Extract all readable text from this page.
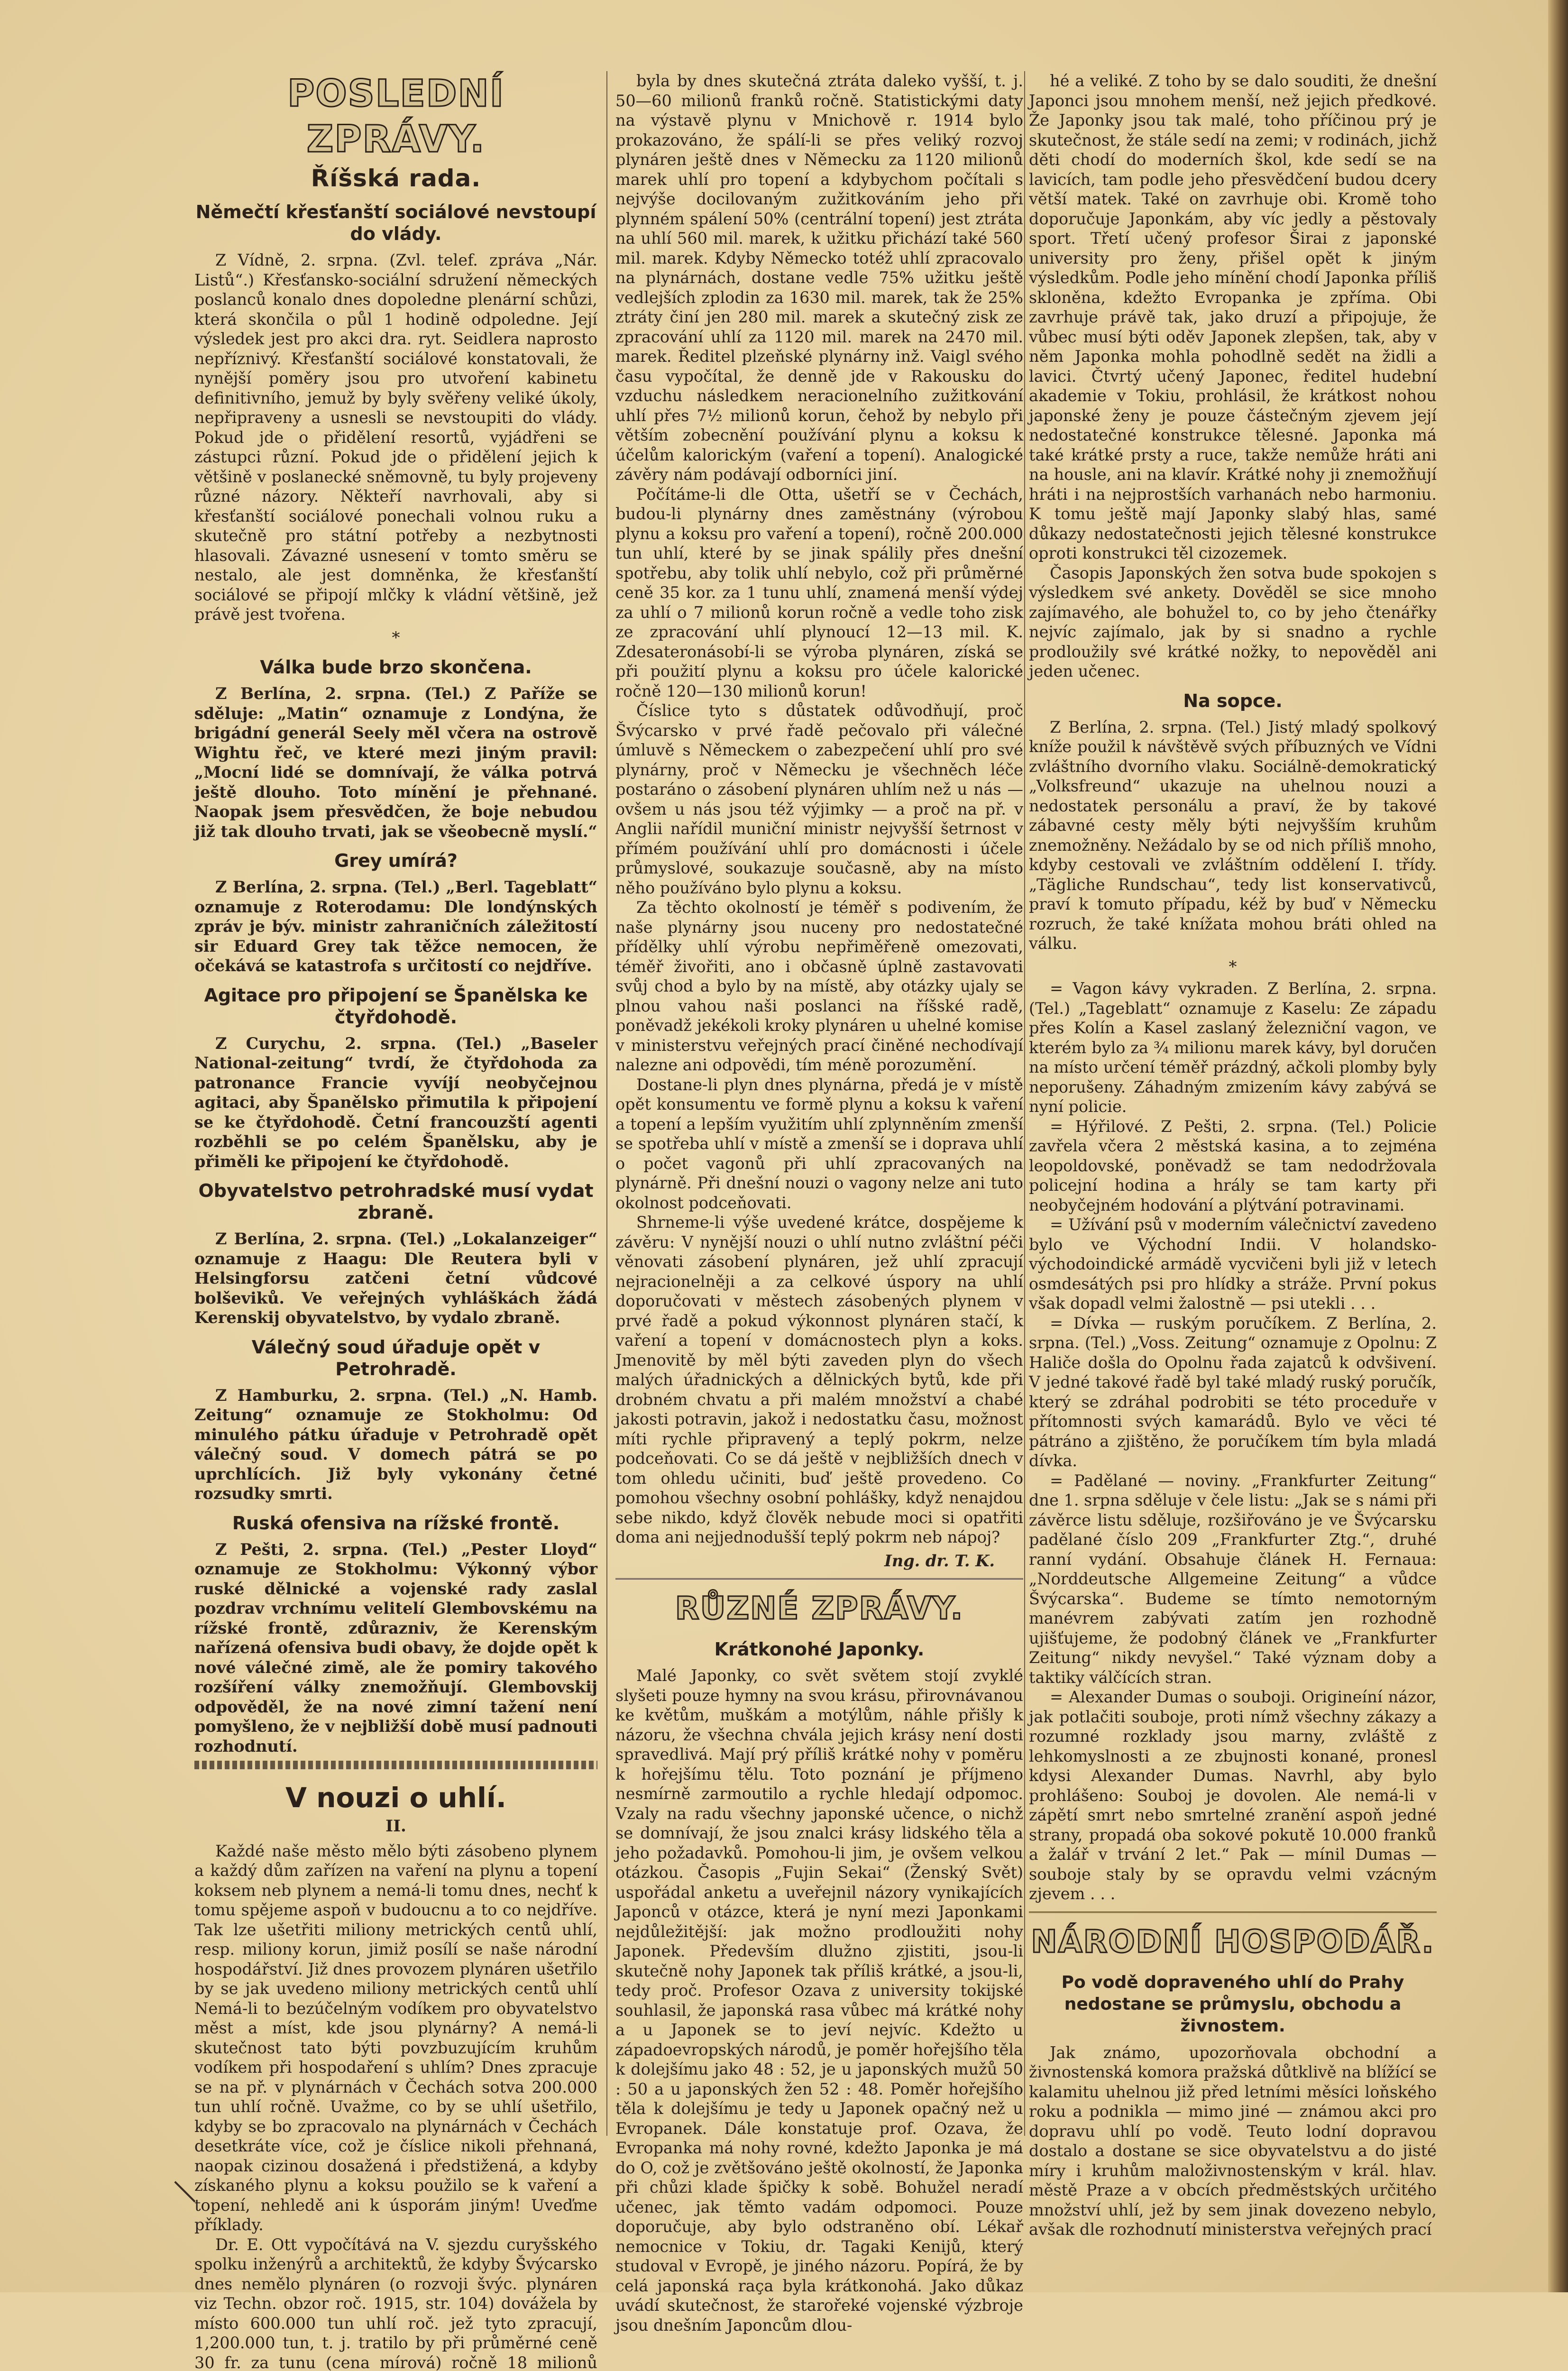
POSLEDNÍ ZPRÁVY.
Říšská rada.
Němečtí křesťanští sociálové nevstoupí do vlády.

Z Vídně, 2. srpna. (Zvl. telef. zpráva „Nár. Listů“.) Křesťansko-sociální sdružení německých poslanců konalo dnes dopoledne plenární schůzi, která skončila o půl 1 hodině odpoledne. Její výsledek jest pro akci dra. ryt. Seidlera naprosto nepříznivý. Křesťanští sociálové konstatovali, že nynější poměry jsou pro utvoření kabinetu definitivního, jemuž by byly svěřeny veliké úkoly, nepřipraveny a usnesli se nevstoupiti do vlády. Pokud jde o přidělení resortů, vyjádřeni se zástupci různí. Pokud jde o přidělení jejich k většině v poslanecké sněmovně, tu byly projeveny různé názory. Někteří navrhovali, aby si křesťanští sociálové ponechali volnou ruku a skutečně pro státní potřeby a nezbytnosti hlasovali. Závazné usnesení v tomto směru se nestalo, ale jest domněnka, že křesťanští sociálové se připojí mlčky k vládní většině, jež právě jest tvořena.

*
Válka bude brzo skončena.

Z Berlína, 2. srpna. (Tel.) Z Paříže se sděluje: „Matin“ oznamuje z Londýna, že brigádní generál Seely měl včera na ostrově Wightu řeč, ve které mezi jiným pravil: „Mocní lidé se domnívají, že válka potrvá ještě dlouho. Toto mínění je přehnané. Naopak jsem přesvědčen, že boje nebudou již tak dlouho trvati, jak se všeobecně myslí.“

Grey umírá?

Z Berlína, 2. srpna. (Tel.) „Berl. Tageblatt“ oznamuje z Roterodamu: Dle londýnských zpráv je býv. ministr zahraničních záležitostí sir Eduard Grey tak těžce nemocen, že očekává se katastrofa s určitostí co nejdříve.

Agitace pro připojení se Španělska ke čtyřdohodě.

Z Curychu, 2. srpna. (Tel.) „Baseler National-zeitung“ tvrdí, že čtyřdohoda za patronance Francie vyvíjí neobyčejnou agitaci, aby Španělsko přimutila k připojení se ke čtyřdohodě. Četní francouzští agenti rozběhli se po celém Španělsku, aby je přiměli ke připojení ke čtyřdohodě.

Obyvatelstvo petrohradské musí vydat zbraně.

Z Berlína, 2. srpna. (Tel.) „Lokalanzeiger“ oznamuje z Haagu: Dle Reutera byli v Helsingforsu zatčeni četní vůdcové bolševiků. Ve veřejných vyhláškách žádá Kerenskij obyvatelstvo, by vydalo zbraně.

Válečný soud úřaduje opět v Petrohradě.

Z Hamburku, 2. srpna. (Tel.) „N. Hamb. Zeitung“ oznamuje ze Stokholmu: Od minulého pátku úřaduje v Petrohradě opět válečný soud. V domech pátrá se po uprchlících. Již byly vykonány četné rozsudky smrti.

Ruská ofensiva na rížské frontě.

Z Pešti, 2. srpna. (Tel.) „Pester Lloyd“ oznamuje ze Stokholmu: Výkonný výbor ruské dělnické a vojenské rady zaslal pozdrav vrchnímu velitelí Glembovskému na rížské frontě, zdůrazniv, že Kerenským nařízená ofensiva budi obavy, že dojde opět k nové válečné zimě, ale že pomiry takového rozšíření války znemožňují. Glembovskij odpověděl, že na nové zimní tažení není pomyšleno, že v nejbližší době musí padnouti rozhodnutí.

V nouzi o uhlí.
II.

Každé naše město mělo býti zásobeno plynem a každý dům zařízen na vaření na plynu a topení koksem neb plynem a nemá-li tomu dnes, nechť k tomu spějeme aspoň v budoucnu a to co nejdříve. Tak lze ušetřiti miliony metrických centů uhlí, resp. miliony korun, jimiž posílí se naše národní hospodářství. Již dnes provozem plynáren ušetřilo by se jak uvedeno miliony metrických centů uhlí Nemá-li to bezúčelným vodíkem pro obyvatelstvo měst a míst, kde jsou plynárny? A nemá-li skutečnost tato býti povzbuzujícím kruhům vodíkem při hospodaření s uhlím? Dnes zpracuje se na př. v plynárnách v Čechách sotva 200.000 tun uhlí ročně. Uvažme, co by se uhlí ušetřilo, kdyby se bo zpracovalo na plynárnách v Čechách desetkráte více, což je číslice nikoli přehnaná, naopak cizinou dosažená i předstižená, a kdyby získaného plynu a koksu použilo se k vaření a topení, nehledě ani k úsporám jiným! Uveďme příklady.

Dr. E. Ott vypočítává na V. sjezdu curyšského spolku inženýrů a architektů, že kdyby Švýcarsko dnes nemělo plynáren (o rozvoji švýc. plynáren viz Techn. obzor roč. 1915, str. 104) dovážela by místo 600.000 tun uhlí roč. jež tyto zpracují, 1,200.000 tun, t. j. tratilo by při průměrné ceně 30 fr. za tunu (cena mírová) ročně 18 milionů

byla by dnes skutečná ztráta daleko vyšší, t. j. 50—60 milionů franků ročně. Statistickými daty na výstavě plynu v Mnichově r. 1914 bylo prokazováno, že spálí-li se přes veliký rozvoj plynáren ještě dnes v Německu za 1120 milionů marek uhlí pro topení a kdybychom počítali s nejvýše docilovaným zužitkováním jeho při plynném spálení 50% (centrální topení) jest ztráta na uhlí 560 mil. marek, k užitku přichází také 560 mil. marek. Kdyby Německo totéž uhlí zpracovalo na plynárnách, dostane vedle 75% užitku ještě vedlejších zplodin za 1630 mil. marek, tak že 25% ztráty činí jen 280 mil. marek a skutečný zisk ze zpracování uhlí za 1120 mil. marek na 2470 mil. marek. Ředitel plzeňské plynárny inž. Vaigl svého času vypočítal, že denně jde v Rakousku do vzduchu následkem neracionelního zužitkování uhlí přes 7½ milionů korun, čehož by nebylo při větším zobecnění používání plynu a koksu k účelům kalorickým (vaření a topení). Analogické závěry nám podávají odborníci jiní.

Počítáme-li dle Otta, ušetří se v Čechách, budou-li plynárny dnes zaměstnány (výrobou plynu a koksu pro vaření a topení), ročně 200.000 tun uhlí, které by se jinak spálily přes dnešní spotřebu, aby tolik uhlí nebylo, což při průměrné ceně 35 kor. za 1 tunu uhlí, znamená menší výdej za uhlí o 7 milionů korun ročně a vedle toho zisk ze zpracování uhlí plynoucí 12—13 mil. K. Zdesateronásobí-li se výroba plynáren, získá se při použití plynu a koksu pro účele kalorické ročně 120—130 milionů korun!

Číslice tyto s důstatek odůvodňují, proč Švýcarsko v prvé řadě pečovalo při válečné úmluvě s Německem o zabezpečení uhlí pro své plynárny, proč v Německu je všechněch léče postaráno o zásobení plynáren uhlím než u nás — ovšem u nás jsou též výjimky — a proč na př. v Anglii nařídil muniční ministr nejvyšší šetrnost v přímém používání uhlí pro domácnosti i účele průmyslové, soukazuje současně, aby na místo něho používáno bylo plynu a koksu.

Za těchto okolností je téměř s podivením, že naše plynárny jsou nuceny pro nedostatečné přídělky uhlí výrobu nepřiměřeně omezovati, téměř živořiti, ano i občasně úplně zastavovati svůj chod a bylo by na místě, aby otázky ujaly se plnou vahou naši poslanci na říšské radě, poněvadž jekékoli kroky plynáren u uhelné komise v ministerstvu veřejných prací činěné nechodívají nalezne ani odpovědi, tím méně porozumění.

Dostane-li plyn dnes plynárna, předá je v místě opět konsumentu ve formě plynu a koksu k vaření a topení a lepším využitím uhlí zplynněním zmenší se spotřeba uhlí v místě a zmenší se i doprava uhlí o počet vagonů při uhlí zpracovaných na plynárně. Při dnešní nouzi o vagony nelze ani tuto okolnost podceňovati.

Shrneme-li výše uvedené krátce, dospějeme k závěru: V nynější nouzi o uhlí nutno zvláštní péči věnovati zásobení plynáren, jež uhlí zpracují nejracionelněji a za celkové úspory na uhlí doporučovati v městech zásobených plynem v prvé řadě a pokud výkonnost plynáren stačí, k vaření a topení v domácnostech plyn a koks. Jmenovitě by měl býti zaveden plyn do všech malých úřadnických a dělnických bytů, kde při drobném chvatu a při malém množství a chabé jakosti potravin, jakož i nedostatku času, možnost míti rychle připravený a teplý pokrm, nelze podceňovati. Co se dá ještě v nejbližších dnech v tom ohledu učiniti, buď ještě provedeno. Co pomohou všechny osobní pohlášky, když nenajdou sebe nikdo, když člověk nebude moci si opatřiti doma ani nejjednodušší teplý pokrm neb nápoj?

Ing. dr. T. K.
RŮZNÉ ZPRÁVY.
Krátkonohé Japonky.

Malé Japonky, co svět světem stojí zvyklé slyšeti pouze hymny na svou krásu, přirovnávanou ke květům, muškám a motýlům, náhle přišly k názoru, že všechna chvála jejich krásy není dosti spravedlivá. Mají prý příliš krátké nohy v poměru k hořejšímu tělu. Toto poznání je příjmeno nesmírně zarmoutilo a rychle hledají odpomoc. Vzaly na radu všechny japonské učence, o nichž se domnívají, že jsou znalci krásy lidského těla a jeho požadavků. Pomohou-li jim, je ovšem velkou otázkou. Časopis „Fujin Sekai“ (Ženský Svět) uspořádal anketu a uveřejnil názory vynikajících Japonců v otázce, která je nyní mezi Japonkami nejdůležitější: jak možno prodloužiti nohy Japonek. Především dlužno zjistiti, jsou-li skutečně nohy Japonek tak příliš krátké, a jsou-li, tedy proč. Profesor Ozava z university tokijské souhlasil, že japonská rasa vůbec má krátké nohy a u Japonek se to jeví nejvíc. Kdežto u západoevropských národů, je poměr hořejšího těla k dolejšímu jako 48 : 52, je u japonských mužů 50 : 50 a u japonských žen 52 : 48. Poměr hořejšího těla k dolejšímu je tedy u Japonek opačný než u Evropanek. Dále konstatuje prof. Ozava, že Evropanka má nohy rovné, kdežto Japonka je má do O, což je zvětšováno ještě okolností, že Japonka při chůzi klade špičky k sobě. Bohužel neradí učenec, jak těmto vadám odpomoci. Pouze doporučuje, aby bylo odstraněno obí. Lékař nemocnice v Tokiu, dr. Tagaki Kenijů, který studoval v Evropě, je jiného názoru. Popírá, že by celá japonská raça byla krátkonohá. Jako důkaz uvádí skutečnost, že starořeké vojenské výzbroje jsou dnešním Japoncům dlou-

hé a veliké. Z toho by se dalo souditi, že dnešní Japonci jsou mnohem menší, než jejich předkové. Že Japonky jsou tak malé, toho příčinou prý je skutečnost, že stále sedí na zemi; v rodinách, jichž děti chodí do moderních škol, kde sedí se na lavicích, tam podle jeho přesvědčení budou dcery větší matek. Také on zavrhuje obi. Kromě toho doporučuje Japonkám, aby víc jedly a pěstovaly sport. Třetí učený profesor Širai z japonské university pro ženy, přišel opět k jiným výsledkům. Podle jeho mínění chodí Japonka příliš skloněna, kdežto Evropanka je zpříma. Obi zavrhuje právě tak, jako druzí a připojuje, že vůbec musí býti oděv Japonek zlepšen, tak, aby v něm Japonka mohla pohodlně sedět na židli a lavici. Čtvrtý učený Japonec, ředitel hudební akademie v Tokiu, prohlásil, že krátkost nohou japonské ženy je pouze částečným zjevem její nedostatečné konstrukce tělesné. Japonka má také krátké prsty a ruce, takže nemůže hráti ani na housle, ani na klavír. Krátké nohy ji znemožňují hráti i na nejprostších varhanách nebo harmoniu. K tomu ještě mají Japonky slabý hlas, samé důkazy nedostatečnosti jejich tělesné konstrukce oproti konstrukci těl cizozemek.

Časopis Japonských žen sotva bude spokojen s výsledkem své ankety. Dověděl se sice mnoho zajímavého, ale bohužel to, co by jeho čtenářky nejvíc zajímalo, jak by si snadno a rychle prodloužily své krátké nožky, to nepověděl ani jeden učenec.

Na sopce.

Z Berlína, 2. srpna. (Tel.) Jistý mladý spolkový kníže použil k návštěvě svých příbuzných ve Vídni zvláštního dvorního vlaku. Sociálně-demokratický „Volksfreund“ ukazuje na uhelnou nouzi a nedostatek personálu a praví, že by takové zábavné cesty měly býti nejvyšším kruhům znemožněny. Nežádalo by se od nich příliš mnoho, kdyby cestovali ve zvláštním oddělení I. třídy. „Tägliche Rundschau“, tedy list konservativců, praví k tomuto případu, kéž by buď v Německu rozruch, že také knížata mohou bráti ohled na válku.

*

= Vagon kávy vykraden. Z Berlína, 2. srpna. (Tel.) „Tageblatt“ oznamuje z Kaselu: Ze západu přes Kolín a Kasel zaslaný železniční vagon, ve kterém bylo za ¾ milionu marek kávy, byl doručen na místo určení téměř prázdný, ačkoli plomby byly neporušeny. Záhadným zmizením kávy zabývá se nyní policie.

= Hýřilové. Z Pešti, 2. srpna. (Tel.) Policie zavřela včera 2 městská kasina, a to zejména leopoldovské, poněvadž se tam nedodržovala policejní hodina a hrály se tam karty při neobyčejném hodování a plýtvání potravinami.

= Užívání psů v moderním válečnictví zavedeno bylo ve Východní Indii. V holandsko-východoindické armádě vycvičeni byli již v letech osmdesátých psi pro hlídky a stráže. První pokus však dopadl velmi žalostně — psi utekli . . .

= Dívka — ruským poručíkem. Z Berlína, 2. srpna. (Tel.) „Voss. Zeitung“ oznamuje z Opolnu: Z Haliče došla do Opolnu řada zajatců k odvšivení. V jedné takové řadě byl také mladý ruský poručík, který se zdráhal podrobiti se této proceduře v přítomnosti svých kamarádů. Bylo ve věci té pátráno a zjištěno, že poručíkem tím byla mladá dívka.

= Padělané — noviny. „Frankfurter Zeitung“ dne 1. srpna sděluje v čele listu: „Jak se s námi při závěrce listu sděluje, rozšiřováno je ve Švýcarsku padělané číslo 209 „Frankfurter Ztg.“, druhé ranní vydání. Obsahuje článek H. Fernaua: „Norddeutsche Allgemeine Zeitung“ a vůdce Švýcarska“. Budeme se tímto nemotorným manévrem zabývati zatím jen rozhodně ujišťujeme, že podobný článek ve „Frankfurter Zeitung“ nikdy nevyšel.“ Také význam doby a taktiky válčících stran.

= Alexander Dumas o souboji. Origineíní názor, jak potlačiti souboje, proti nímž všechny zákazy a rozumné rozklady jsou marny, zvláště z lehkomyslnosti a ze zbujnosti konané, pronesl kdysi Alexander Dumas. Navrhl, aby bylo prohlášeno: Souboj je dovolen. Ale nemá-li v zápětí smrt nebo smrtelné zranění aspoň jedné strany, propadá oba sokové pokutě 10.000 franků a žalář v trvání 2 let.“ Pak — mínil Dumas — souboje staly by se opravdu velmi vzácným zjevem . . .

NÁRODNÍ HOSPODÁŘ.
Po vodě dopraveného uhlí do Prahy nedostane se průmyslu, obchodu a živnostem.

Jak známo, upozorňovala obchodní a živnostenská komora pražská důtklivě na blížící se kalamitu uhelnou již před letními měsíci loňského roku a podnikla — mimo jiné — známou akci pro dopravu uhlí po vodě. Teuto lodní dopravou dostalo a dostane se sice obyvatelstvu a do jisté míry i kruhům maloživnostenským v král. hlav. městě Praze a v obcích předměstských určitého množství uhlí, jež by sem jinak dovezeno nebylo, avšak dle rozhodnutí ministerstva veřejných prací
